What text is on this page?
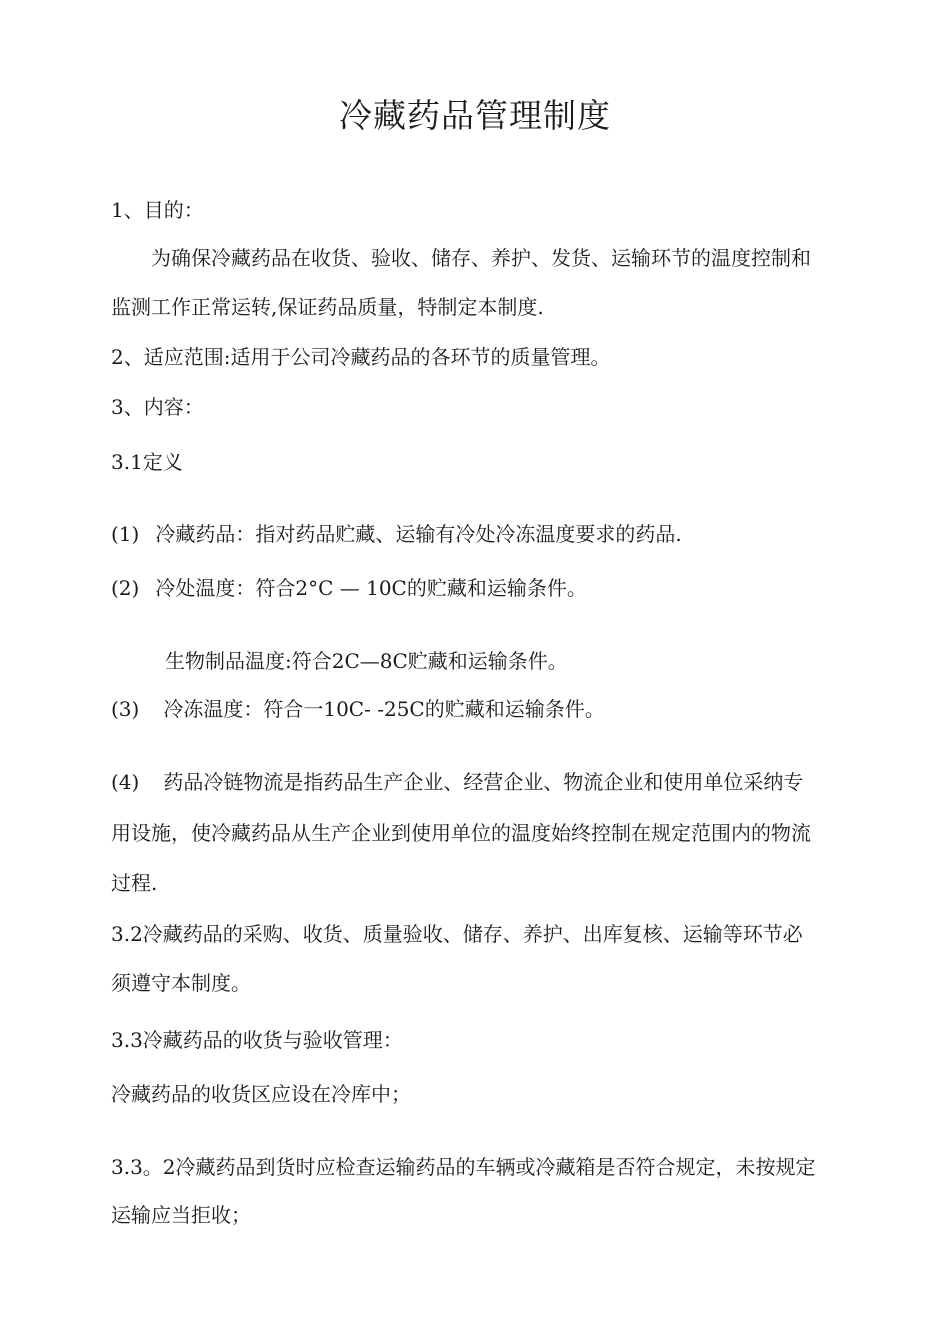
冷藏药品管理制度
1、目的：
为确保冷藏药品在收货、验收、储存、养护、发货、运输环节的温度控制和
监测工作正常运转,保证药品质量，特制定本制度.
2、适应范围:适用于公司冷藏药品的各环节的质量管理。
3、内容：
3.1定义
(1) 冷藏药品：指对药品贮藏、运输有冷处冷冻温度要求的药品.
(2) 冷处温度：符合2°C — 10C的贮藏和运输条件。
生物制品温度:符合2C—8C贮藏和运输条件。
(3) 冷冻温度：符合一10C- -25C的贮藏和运输条件。
(4) 药品冷链物流是指药品生产企业、经营企业、物流企业和使用单位采纳专
用设施，使冷藏药品从生产企业到使用单位的温度始终控制在规定范围内的物流
过程.
3.2冷藏药品的采购、收货、质量验收、储存、养护、出库复核、运输等环节必
须遵守本制度。
3.3冷藏药品的收货与验收管理：
冷藏药品的收货区应设在冷库中；
3.3。2冷藏药品到货时应检查运输药品的车辆或冷藏箱是否符合规定，未按规定
运输应当拒收；
